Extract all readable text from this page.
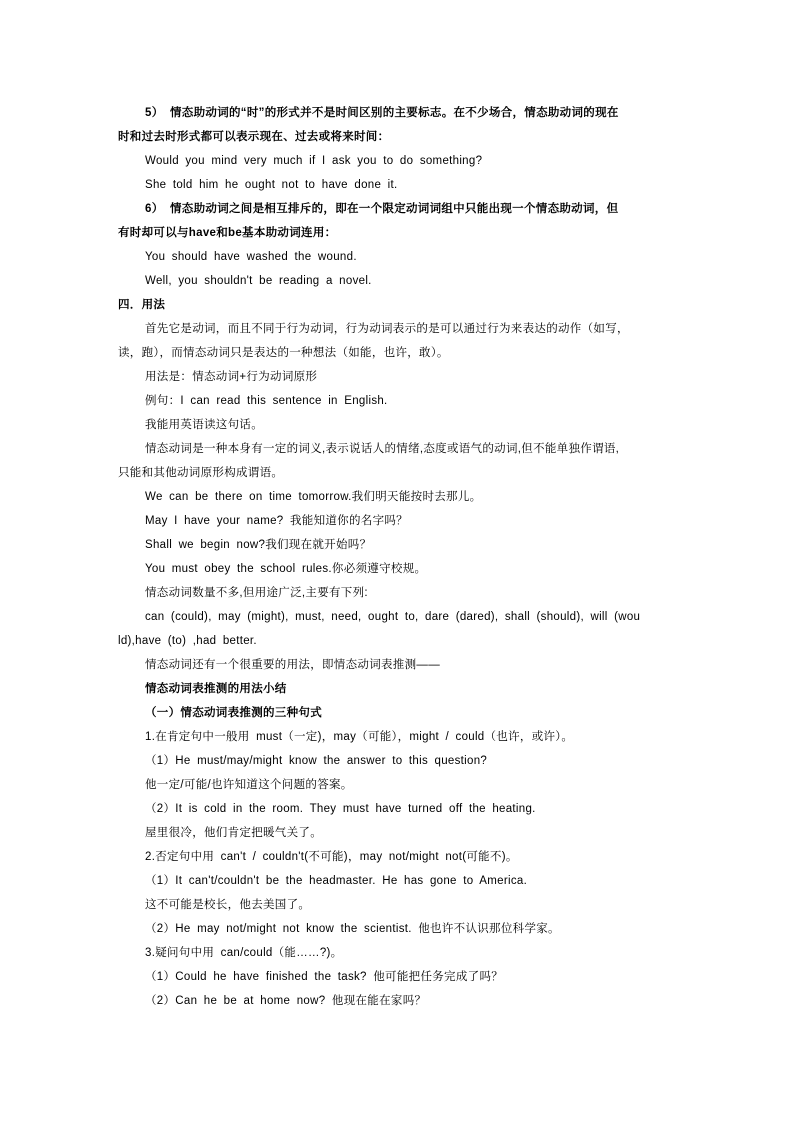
5） 情态助动词的“时”的形式并不是时间区别的主要标志。在不少场合，情态助动词的现在
时和过去时形式都可以表示现在、过去或将来时间：
Would you mind very much if I ask you to do something?
She told him he ought not to have done it.
6） 情态助动词之间是相互排斥的，即在一个限定动词词组中只能出现一个情态助动词，但
有时却可以与have和be基本助动词连用：
You should have washed the wound.
Well, you shouldn't be reading a novel.
四．用法
首先它是动词，而且不同于行为动词，行为动词表示的是可以通过行为来表达的动作（如写，
读，跑），而情态动词只是表达的一种想法（如能，也许，敢）。
用法是：情态动词+行为动词原形
例句：I can read this sentence in English.
我能用英语读这句话。
情态动词是一种本身有一定的词义,表示说话人的情绪,态度或语气的动词,但不能单独作谓语,
只能和其他动词原形构成谓语。
We can be there on time tomorrow.我们明天能按时去那儿。
May I have your name? 我能知道你的名字吗？
Shall we begin now?我们现在就开始吗？
You must obey the school rules.你必须遵守校规。
情态动词数量不多,但用途广泛,主要有下列:
can (could), may (might), must, need, ought to, dare (dared), shall (should), will (wou
ld),have (to) ,had better.
情态动词还有一个很重要的用法，即情态动词表推测——
情态动词表推测的用法小结
（一）情态动词表推测的三种句式
1.在肯定句中一般用 must（一定)，may（可能），might / could（也许，或许）。
（1）He must/may/might know the answer to this question?
他一定/可能/也许知道这个问题的答案。
（2）It is cold in the room. They must have turned off the heating.
屋里很冷，他们肯定把暖气关了。
2.否定句中用 can't / couldn't(不可能)，may not/might not(可能不)。
（1）It can't/couldn't be the headmaster. He has gone to America.
这不可能是校长，他去美国了。
（2）He may not/might not know the scientist. 他也许不认识那位科学家。
3.疑问句中用 can/could（能……?)。
（1）Could he have finished the task? 他可能把任务完成了吗？
（2）Can he be at home now? 他现在能在家吗？
